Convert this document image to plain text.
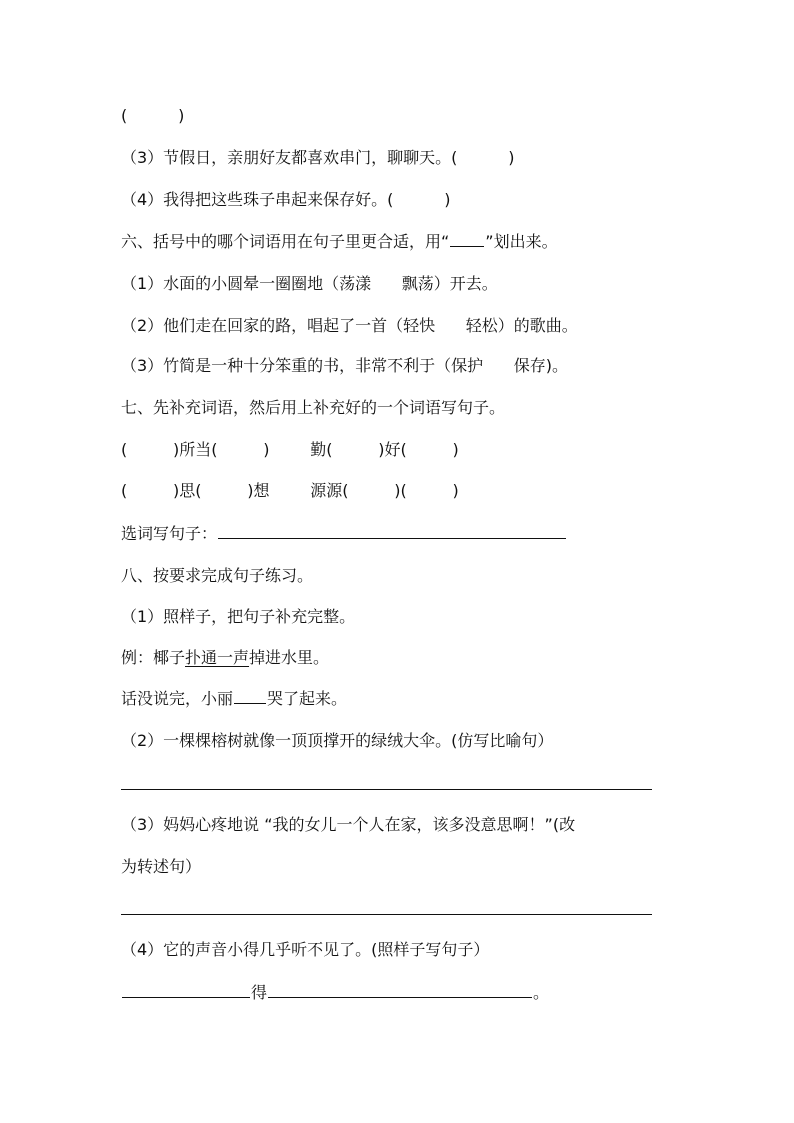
(          )
（3）节假日，亲朋好友都喜欢串门，聊聊天。(          )
（4）我得把这些珠子串起来保存好。(          )
六、括号中的哪个词语用在句子里更合适，用“ ”划出来。
（1）水面的小圆晕一圈圈地（荡漾      飘荡）开去。
（2）他们走在回家的路，唱起了一首（轻快      轻松）的歌曲。
（3）竹简是一种十分笨重的书，非常不利于（保护      保存)。
七、先补充词语，然后用上补充好的一个词语写句子。
(         )所当(         )        勤(         )好(         )
(         )思(         )想        源源(         )(         )
选词写句子：
八、按要求完成句子练习。
（1）照样子，把句子补充完整。
例：椰子扑通一声掉进水里。
话没说完，小丽 哭了起来。
（2）一棵棵榕树就像一顶顶撑开的绿绒大伞。(仿写比喻句）
（3）妈妈心疼地说 “我的女儿一个人在家，该多没意思啊！”(改
为转述句）
（4）它的声音小得几乎听不见了。(照样子写句子）
得	。
